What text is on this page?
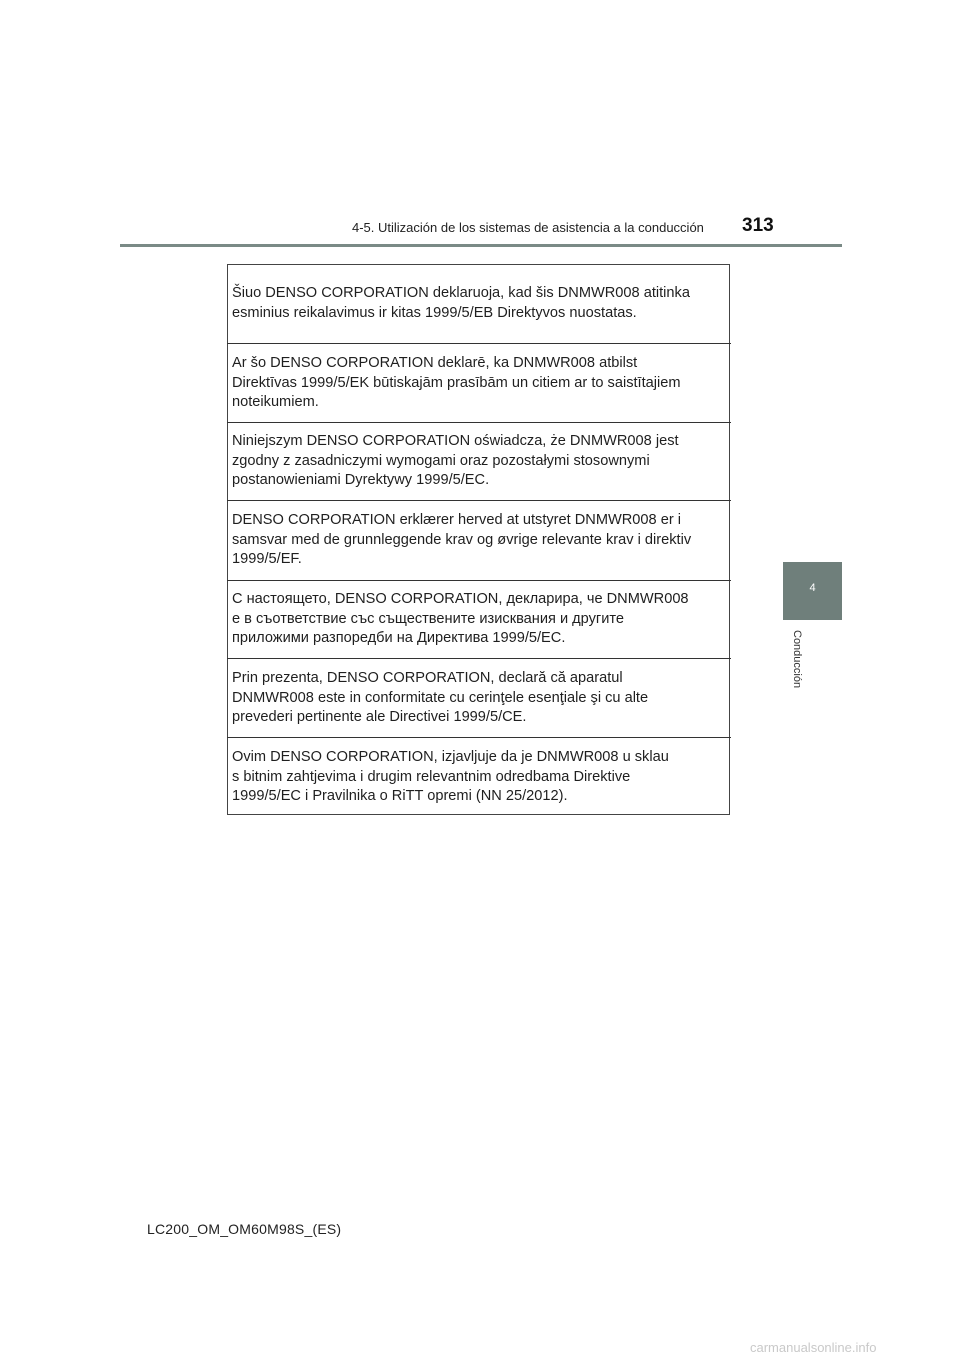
4-5. Utilización de los sistemas de asistencia a la conducción 313
4
Conducción
Šiuo DENSO CORPORATION deklaruoja, kad šis DNMWR008 atitinka
esminius reikalavimus ir kitas 1999/5/EB Direktyvos nuostatas.
Ar šo DENSO CORPORATION deklarē, ka DNMWR008 atbilst
Direktīvas 1999/5/EK būtiskajām prasībām un citiem ar to saistītajiem
noteikumiem.
Niniejszym DENSO CORPORATION oświadcza, że DNMWR008 jest
zgodny z zasadniczymi wymogami oraz pozostałymi stosownymi
postanowieniami Dyrektywy 1999/5/EC.
DENSO CORPORATION erklærer herved at utstyret DNMWR008 er i
samsvar med de grunnleggende krav og øvrige relevante krav i direktiv
1999/5/EF.
С настоящето, DENSO CORPORATION, декларира, че DNMWR008
е в съответствие със съществените изисквания и другите
приложими разпоредби на Директива 1999/5/ЕС.
Prin prezenta, DENSO CORPORATION, declară că aparatul
DNMWR008 este in conformitate cu cerinţele esenţiale şi cu alte
prevederi pertinente ale Directivei 1999/5/CE.
Ovim DENSO CORPORATION, izjavljuje da je DNMWR008 u sklau
s bitnim zahtjevima i drugim relevantnim odredbama Direktive
1999/5/EC i Pravilnika o RiTT opremi (NN 25/2012).
LC200_OM_OM60M98S_(ES)
carmanualsonline.info
